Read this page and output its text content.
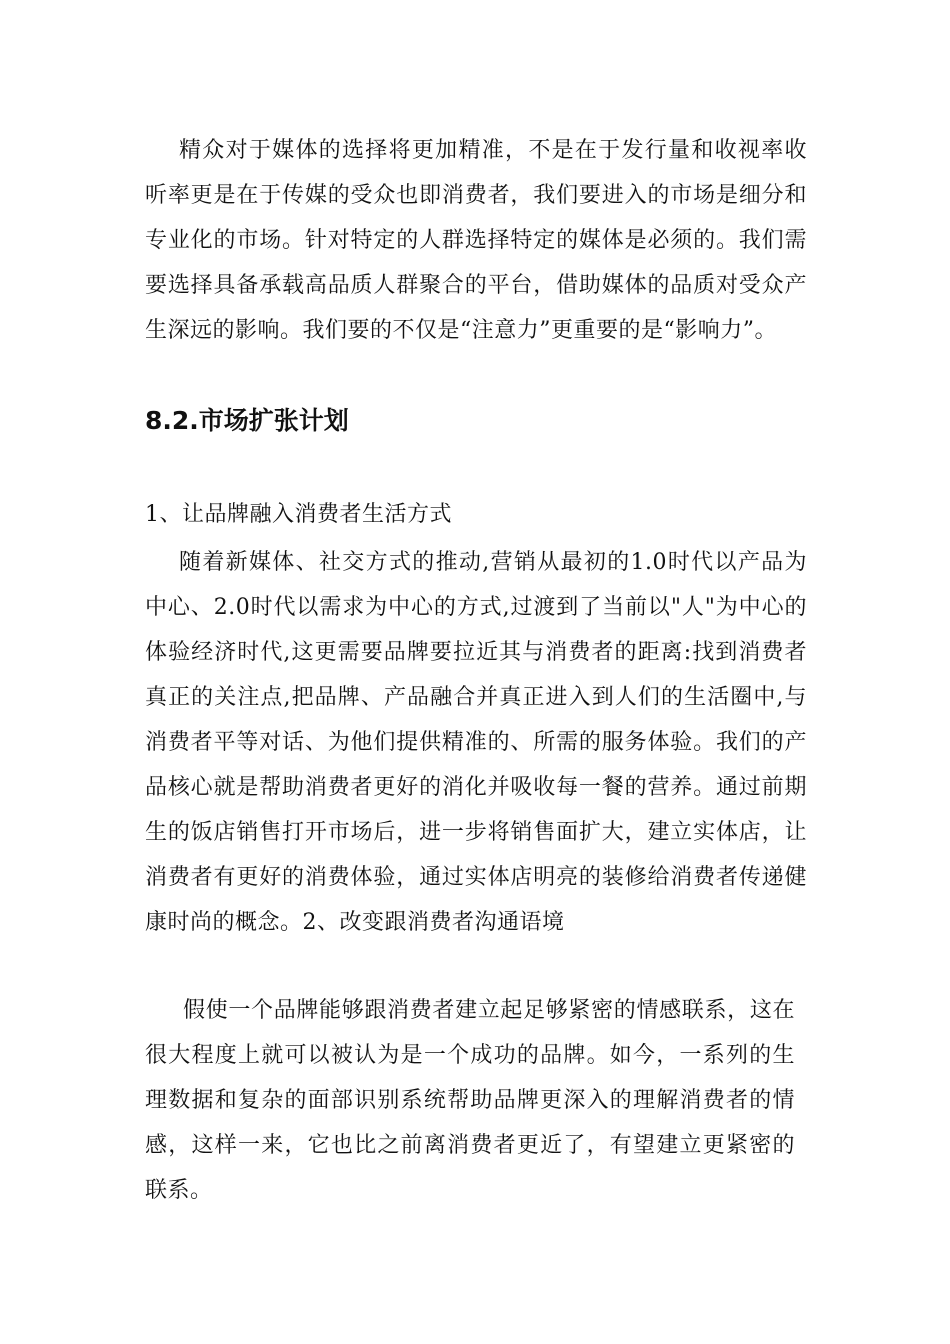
精众对于媒体的选择将更加精准，不是在于发行量和收视率收听率更是在于传媒的受众也即消费者，我们要进入的市场是细分和专业化的市场。针对特定的人群选择特定的媒体是必须的。我们需要选择具备承载高品质人群聚合的平台，借助媒体的品质对受众产生深远的影响。我们要的不仅是“注意力”更重要的是“影响力”。

8.2.市场扩张计划

1、让品牌融入消费者生活方式

随着新媒体、社交方式的推动,营销从最初的1.0时代以产品为中心、2.0时代以需求为中心的方式,过渡到了当前以"人"为中心的体验经济时代,这更需要品牌要拉近其与消费者的距离:找到消费者真正的关注点,把品牌、产品融合并真正进入到人们的生活圈中,与消费者平等对话、为他们提供精准的、所需的服务体验。我们的产品核心就是帮助消费者更好的消化并吸收每一餐的营养。通过前期生的饭店销售打开市场后，进一步将销售面扩大，建立实体店，让消费者有更好的消费体验，通过实体店明亮的装修给消费者传递健康时尚的概念。2、改变跟消费者沟通语境

假使一个品牌能够跟消费者建立起足够紧密的情感联系，这在很大程度上就可以被认为是一个成功的品牌。如今，一系列的生理数据和复杂的面部识别系统帮助品牌更深入的理解消费者的情感，这样一来，它也比之前离消费者更近了，有望建立更紧密的联系。
